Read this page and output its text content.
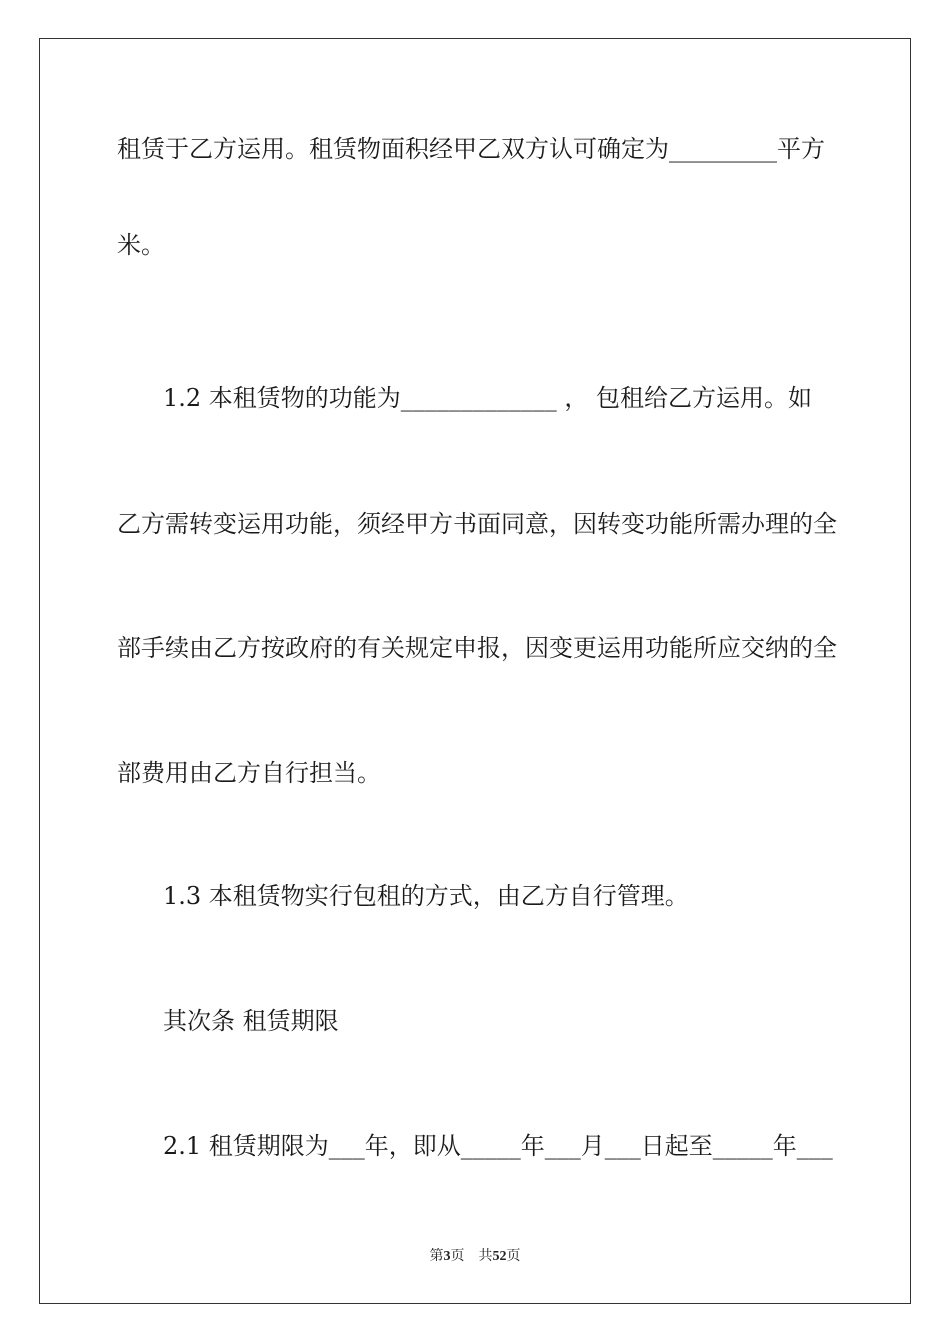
租赁于乙方运用。租赁物面积经甲乙双方认可确定为_________平方

米。

1.2 本租赁物的功能为_____________ ， 包租给乙方运用。如

乙方需转变运用功能，须经甲方书面同意，因转变功能所需办理的全

部手续由乙方按政府的有关规定申报，因变更运用功能所应交纳的全

部费用由乙方自行担当。

1.3 本租赁物实行包租的方式，由乙方自行管理。

其次条 租赁期限

2.1 租赁期限为___年，即从_____年___月___日起至_____年___

第3页 共52页
